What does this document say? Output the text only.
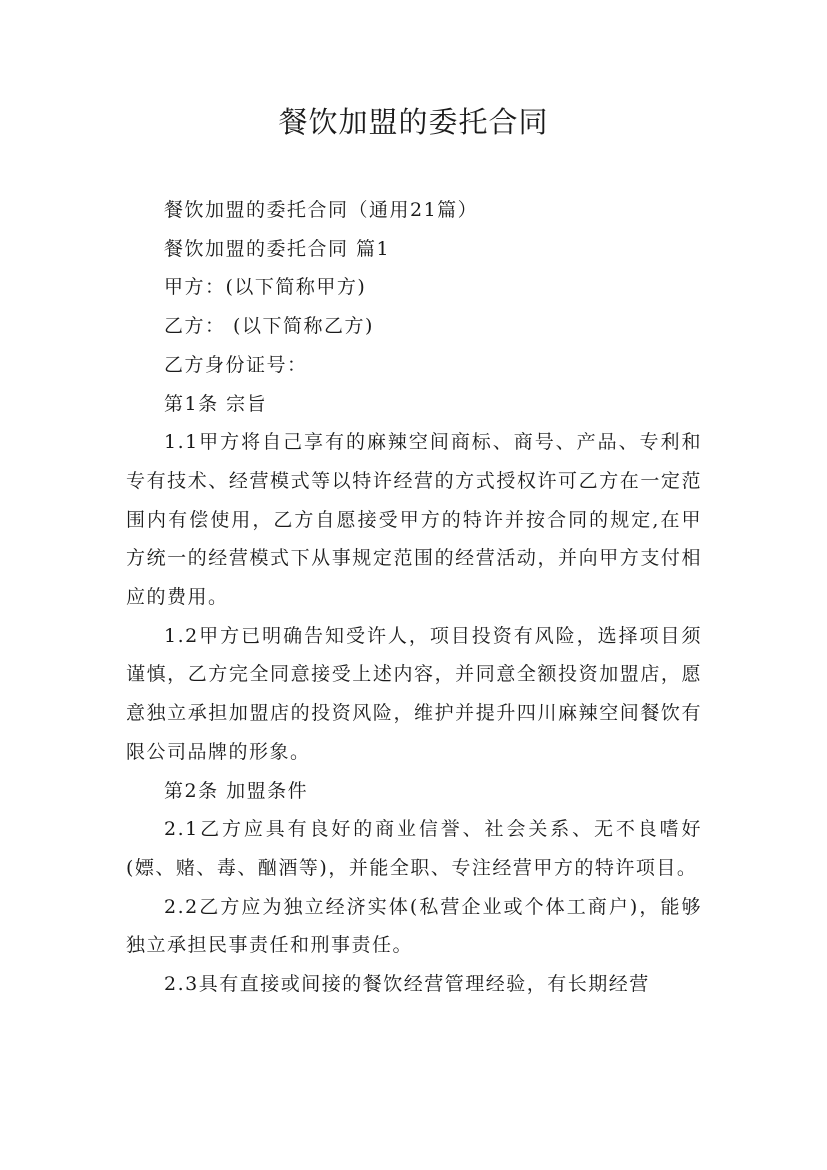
餐饮加盟的委托合同

餐饮加盟的委托合同（通用21篇）

餐饮加盟的委托合同 篇1

甲方：(以下简称甲方)

乙方： (以下简称乙方)

乙方身份证号：

第1条 宗旨

1.1甲方将自己享有的麻辣空间商标、商号、产品、专利和专有技术、经营模式等以特许经营的方式授权许可乙方在一定范围内有偿使用，乙方自愿接受甲方的特许并按合同的规定,在甲方统一的经营模式下从事规定范围的经营活动，并向甲方支付相应的费用。

1.2甲方已明确告知受许人，项目投资有风险，选择项目须谨慎，乙方完全同意接受上述内容，并同意全额投资加盟店，愿意独立承担加盟店的投资风险，维护并提升四川麻辣空间餐饮有限公司品牌的形象。

第2条 加盟条件

2.1乙方应具有良好的商业信誉、社会关系、无不良嗜好(嫖、赌、毒、酗酒等)，并能全职、专注经营甲方的特许项目。

2.2乙方应为独立经济实体(私营企业或个体工商户)，能够独立承担民事责任和刑事责任。

2.3具有直接或间接的餐饮经营管理经验，有长期经营
